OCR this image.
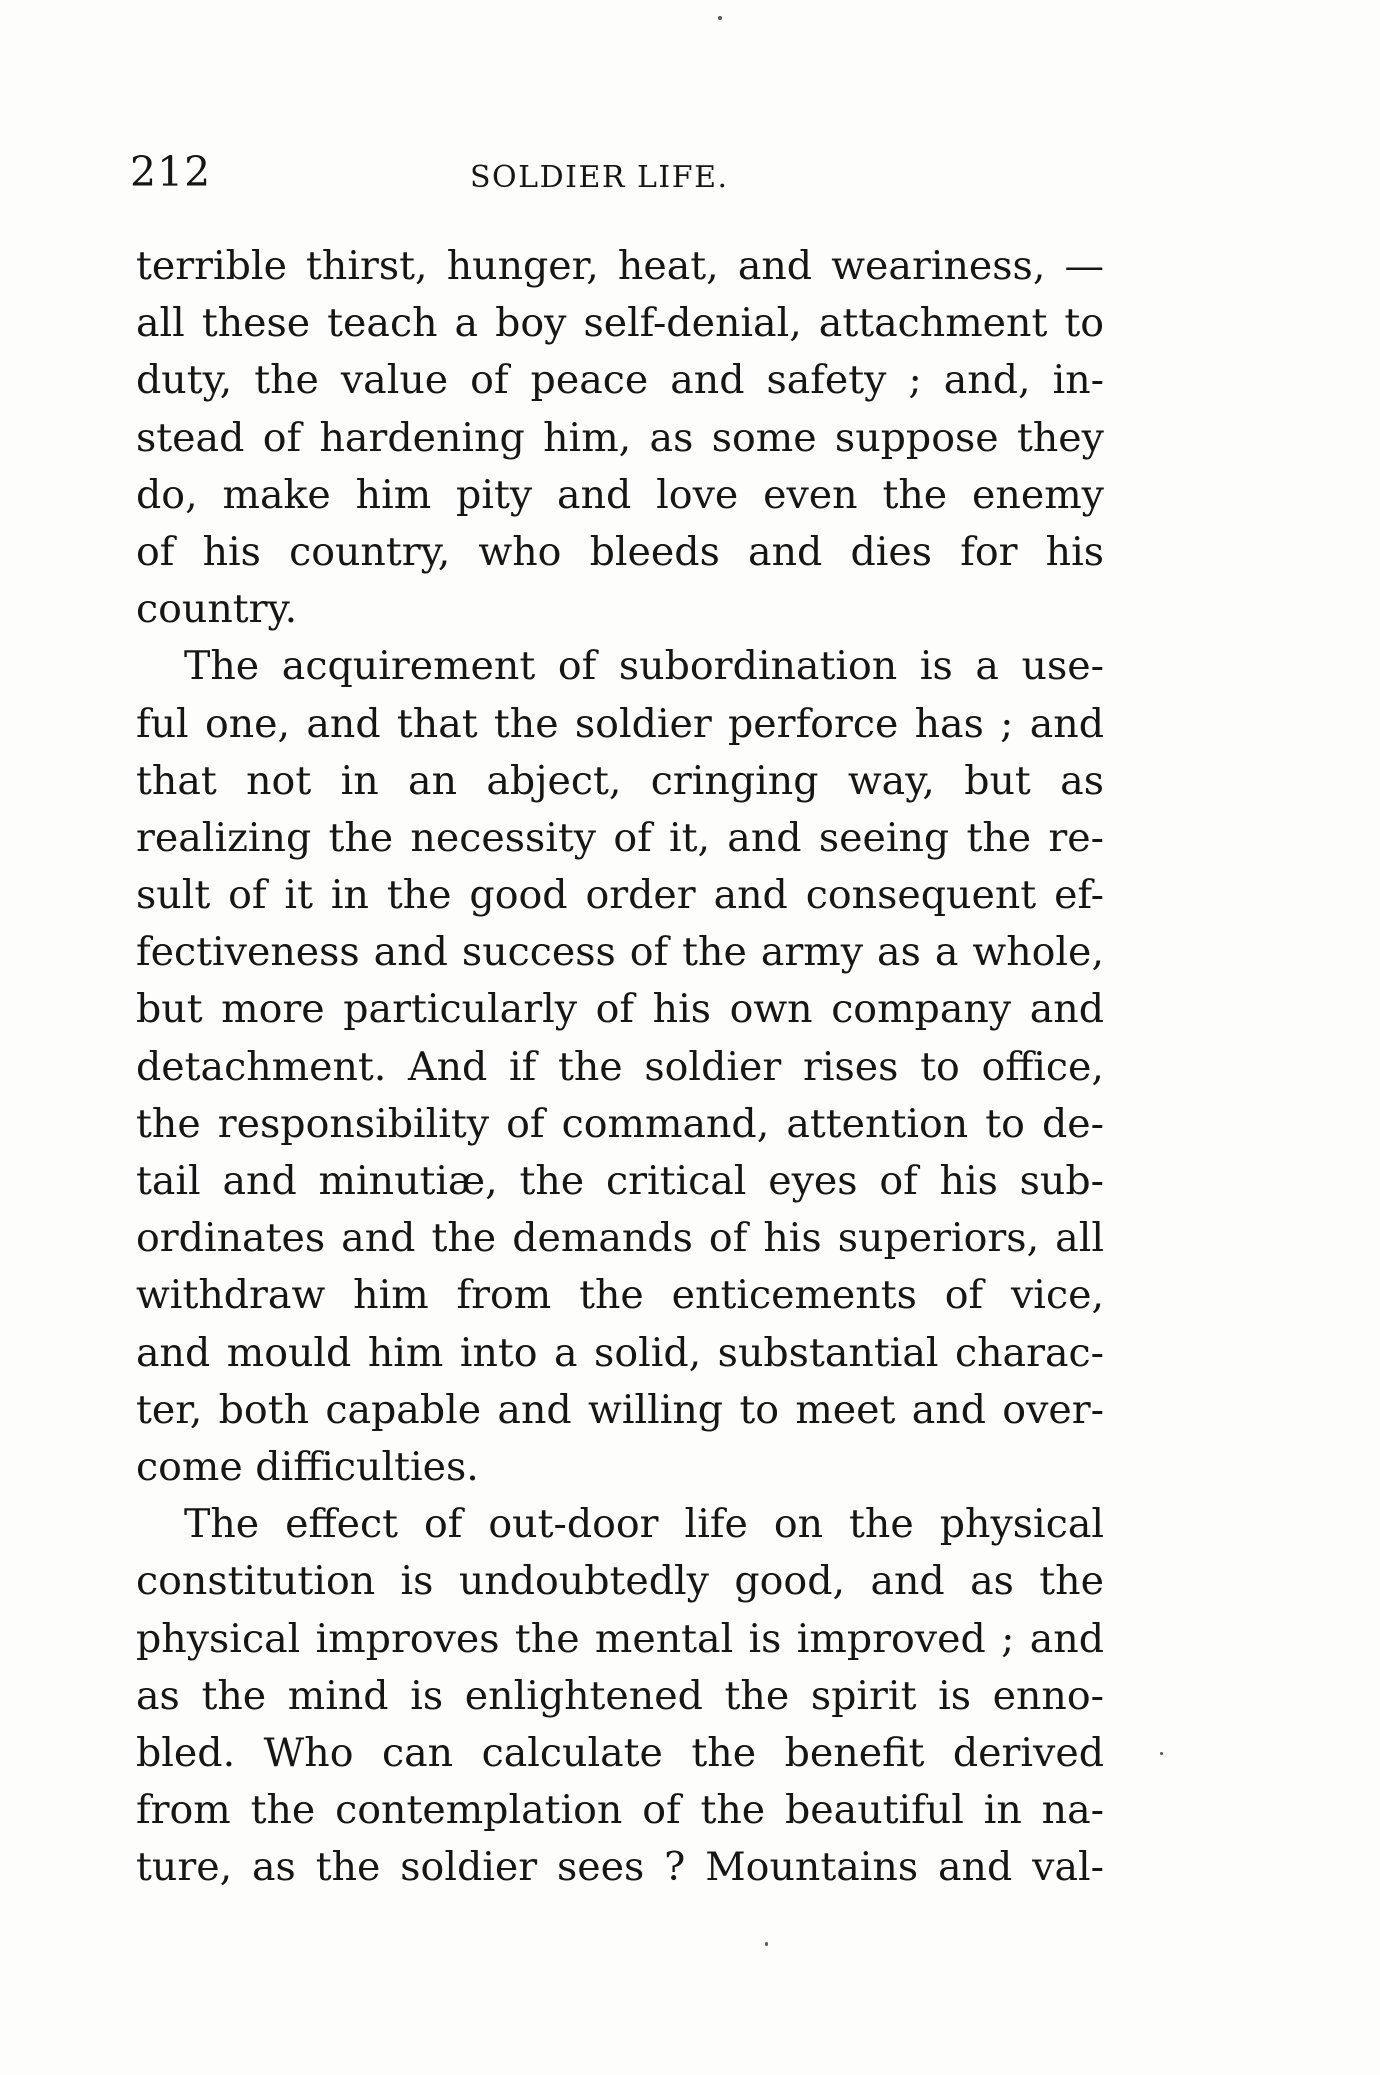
212	SOLDIER LIFE.
terrible thirst, hunger, heat, and weariness, —
all these teach a boy self-denial, attachment to
duty, the value of peace and safety ; and, in-
stead of hardening him, as some suppose they
do, make him pity and love even the enemy
of his country, who bleeds and dies for his
country.
The acquirement of subordination is a use-
ful one, and that the soldier perforce has ; and
that not in an abject, cringing way, but as
realizing the necessity of it, and seeing the re-
sult of it in the good order and consequent ef-
fectiveness and success of the army as a whole,
but more particularly of his own company and
detachment. And if the soldier rises to office,
the responsibility of command, attention to de-
tail and minutiæ, the critical eyes of his sub-
ordinates and the demands of his superiors, all
withdraw him from the enticements of vice,
and mould him into a solid, substantial charac-
ter, both capable and willing to meet and over-
come difficulties.
The effect of out-door life on the physical
constitution is undoubtedly good, and as the
physical improves the mental is improved ; and
as the mind is enlightened the spirit is enno-
bled. Who can calculate the benefit derived
from the contemplation of the beautiful in na-
ture, as the soldier sees ? Mountains and val-
